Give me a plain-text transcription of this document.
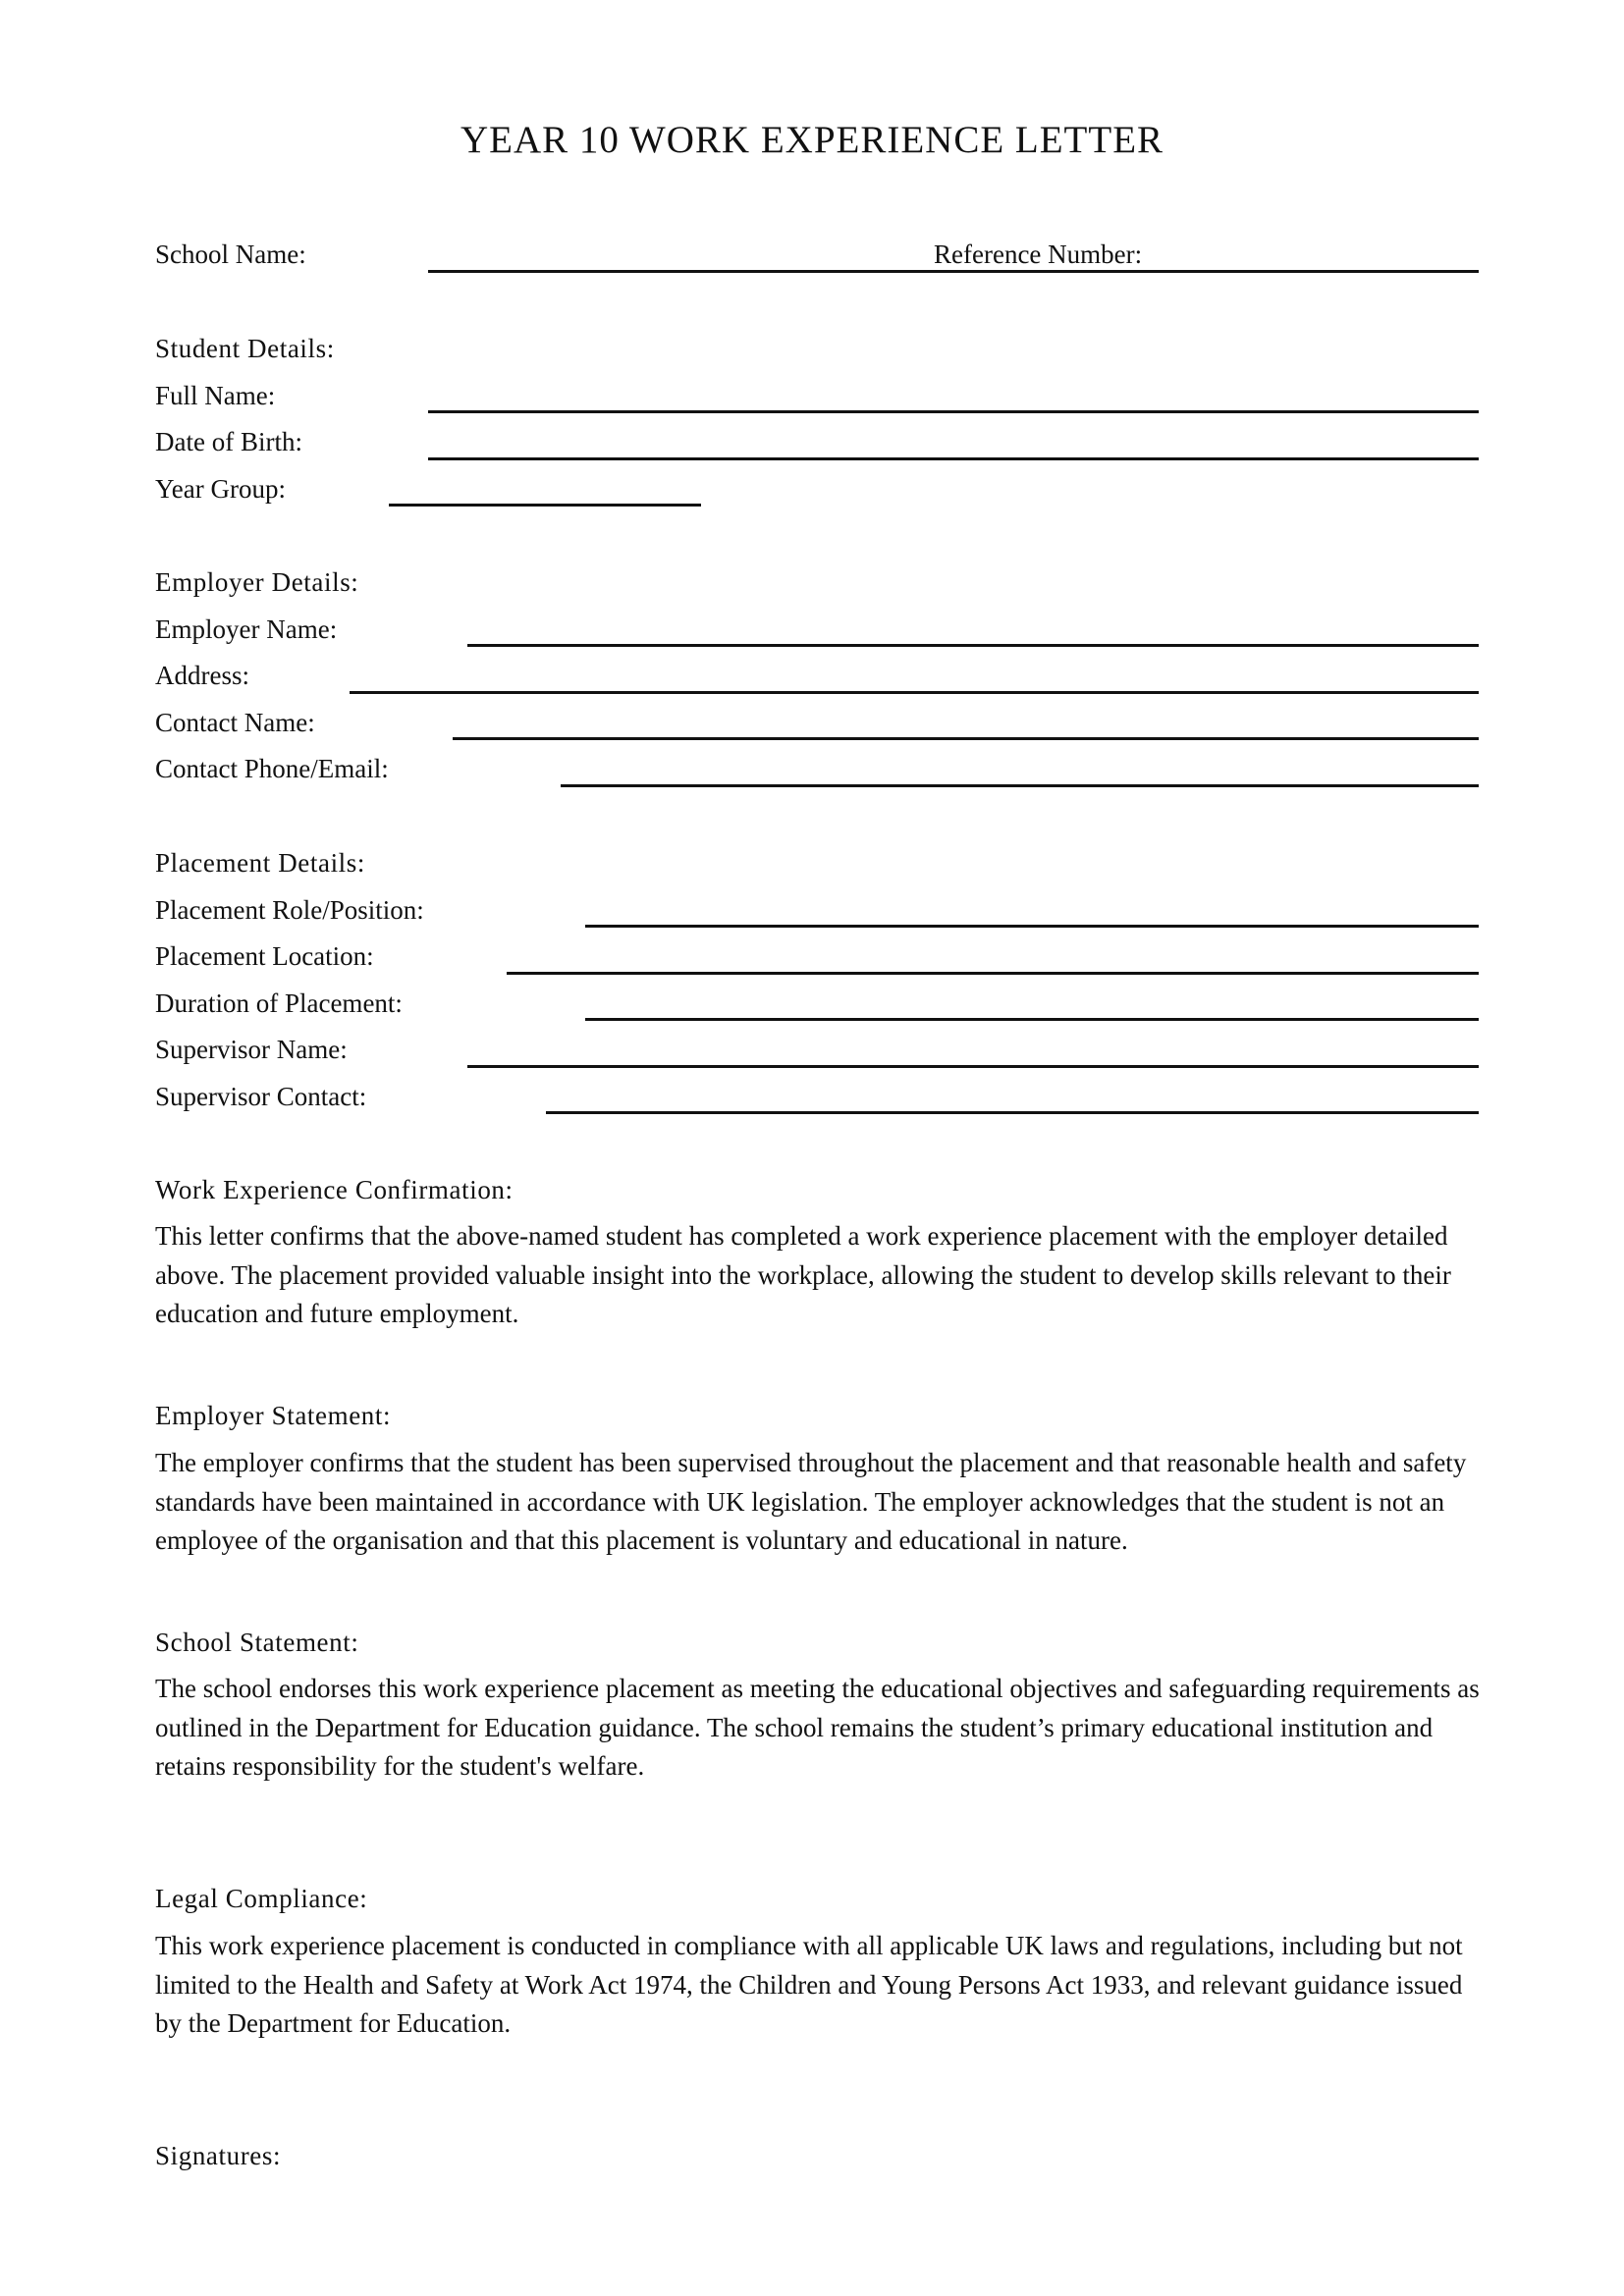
YEAR 10 WORK EXPERIENCE LETTER
School Name:	Reference Number:
Student Details:
Full Name:
Date of Birth:
Year Group:
Employer Details:
Employer Name:
Address:
Contact Name:
Contact Phone/Email:
Placement Details:
Placement Role/Position:
Placement Location:
Duration of Placement:
Supervisor Name:
Supervisor Contact:
Work Experience Confirmation:
This letter confirms that the above-named student has completed a work experience placement with the employer detailed above. The placement provided valuable insight into the workplace, allowing the student to develop skills relevant to their education and future employment.
Employer Statement:
The employer confirms that the student has been supervised throughout the placement and that reasonable health and safety standards have been maintained in accordance with UK legislation. The employer acknowledges that the student is not an employee of the organisation and that this placement is voluntary and educational in nature.
School Statement:
The school endorses this work experience placement as meeting the educational objectives and safeguarding requirements as outlined in the Department for Education guidance. The school remains the student’s primary educational institution and retains responsibility for the student's welfare.
Legal Compliance:
This work experience placement is conducted in compliance with all applicable UK laws and regulations, including but not limited to the Health and Safety at Work Act 1974, the Children and Young Persons Act 1933, and relevant guidance issued by the Department for Education.
Signatures:
